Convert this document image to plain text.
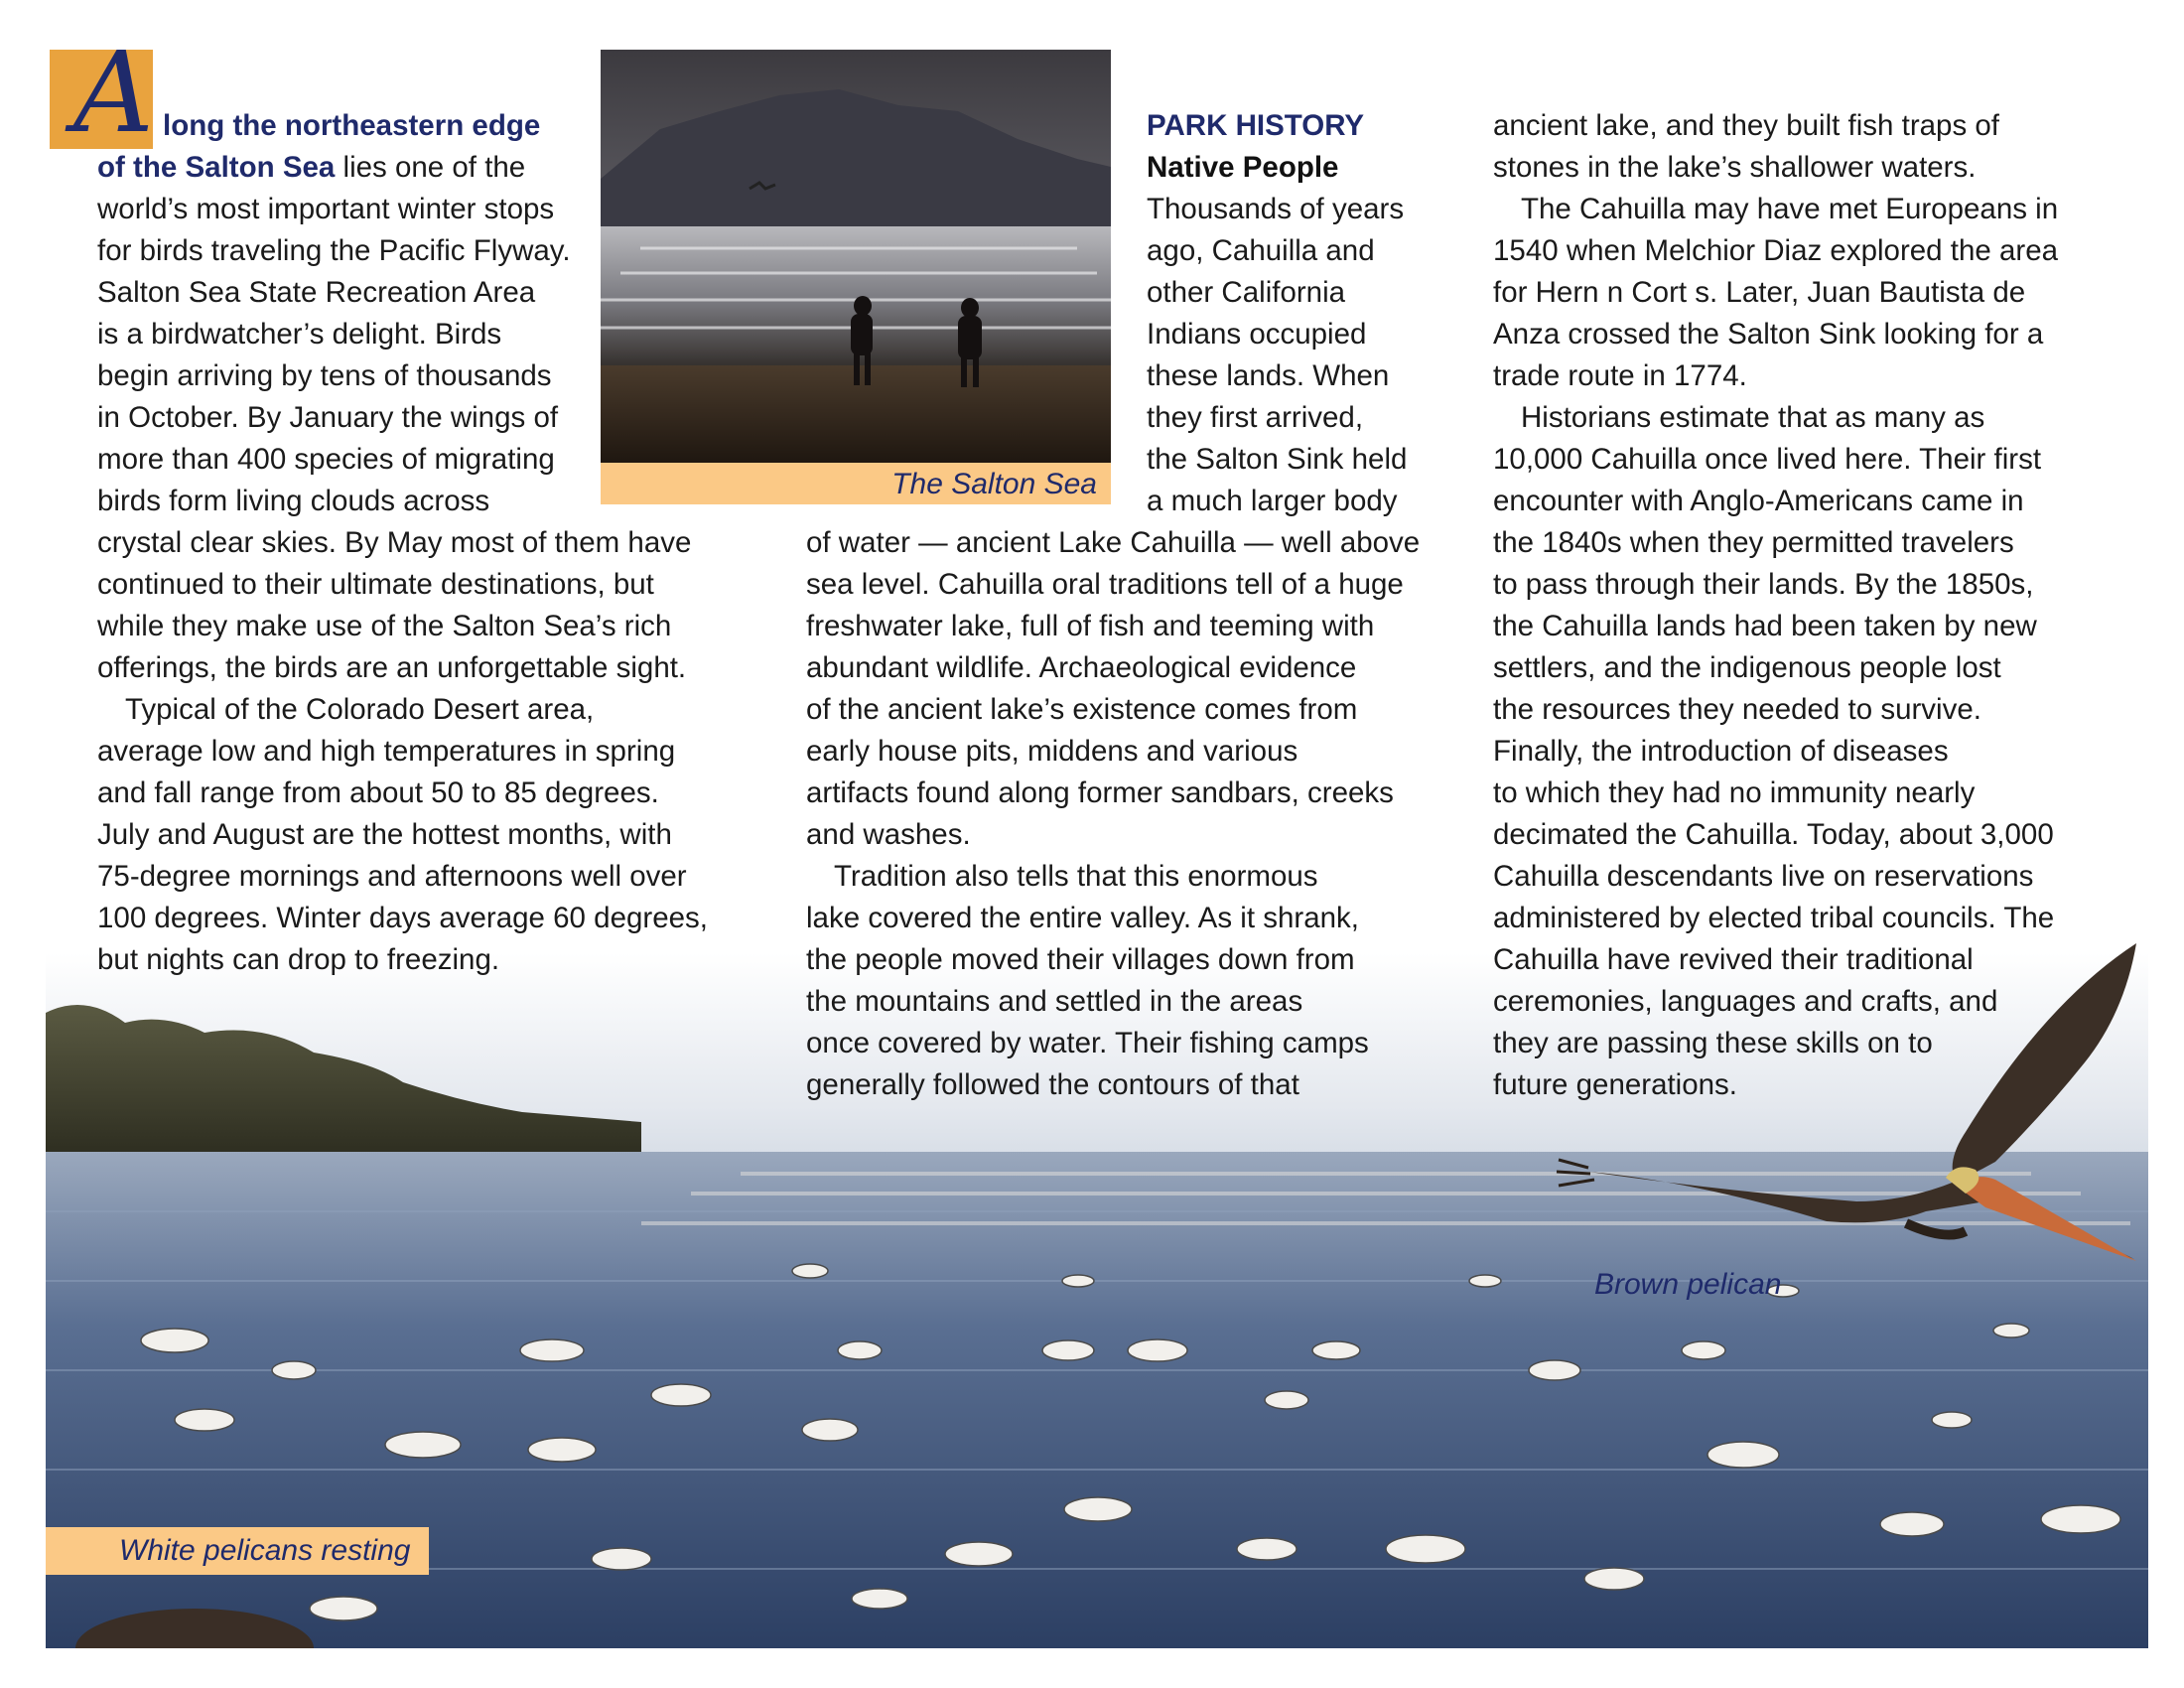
A long the northeastern edge
of the Salton Sea lies one of the
world’s most important winter stops
for birds traveling the Pacific Flyway.
Salton Sea State Recreation Area
is a birdwatcher’s delight. Birds
begin arriving by tens of thousands
in October. By January the wings of
more than 400 species of migrating
birds form living clouds across
crystal clear skies. By May most of them have
continued to their ultimate destinations, but
while they make use of the Salton Sea’s rich
offerings, the birds are an unforgettable sight.

Typical of the Colorado Desert area,
average low and high temperatures in spring
and fall range from about 50 to 85 degrees.
July and August are the hottest months, with
75-degree mornings and afternoons well over
100 degrees. Winter days average 60 degrees,
but nights can drop to freezing.

The Salton Sea
PARK HISTORY
Native People

Thousands of years
ago, Cahuilla and
other California
Indians occupied
these lands. When
they first arrived,
the Salton Sink held
a much larger body
of water — ancient Lake Cahuilla — well above
sea level. Cahuilla oral traditions tell of a huge
freshwater lake, full of fish and teeming with
abundant wildlife. Archaeological evidence
of the ancient lake’s existence comes from
early house pits, middens and various
artifacts found along former sandbars, creeks
and washes.

Tradition also tells that this enormous
lake covered the entire valley. As it shrank,
the people moved their villages down from
the mountains and settled in the areas
once covered by water. Their fishing camps
generally followed the contours of that

ancient lake, and they built fish traps of
stones in the lake’s shallower waters.

The Cahuilla may have met Europeans in
1540 when Melchior Diaz explored the area
for Hern n Cort s. Later, Juan Bautista de
Anza crossed the Salton Sink looking for a
trade route in 1774.

Historians estimate that as many as
10,000 Cahuilla once lived here. Their first
encounter with Anglo-Americans came in
the 1840s when they permitted travelers
to pass through their lands. By the 1850s,
the Cahuilla lands had been taken by new
settlers, and the indigenous people lost
the resources they needed to survive.
Finally, the introduction of diseases
to which they had no immunity nearly
decimated the Cahuilla. Today, about 3,000
Cahuilla descendants live on reservations
administered by elected tribal councils. The
Cahuilla have revived their traditional
ceremonies, languages and crafts, and
they are passing these skills on to
future generations.

White pelicans resting
Brown pelican
